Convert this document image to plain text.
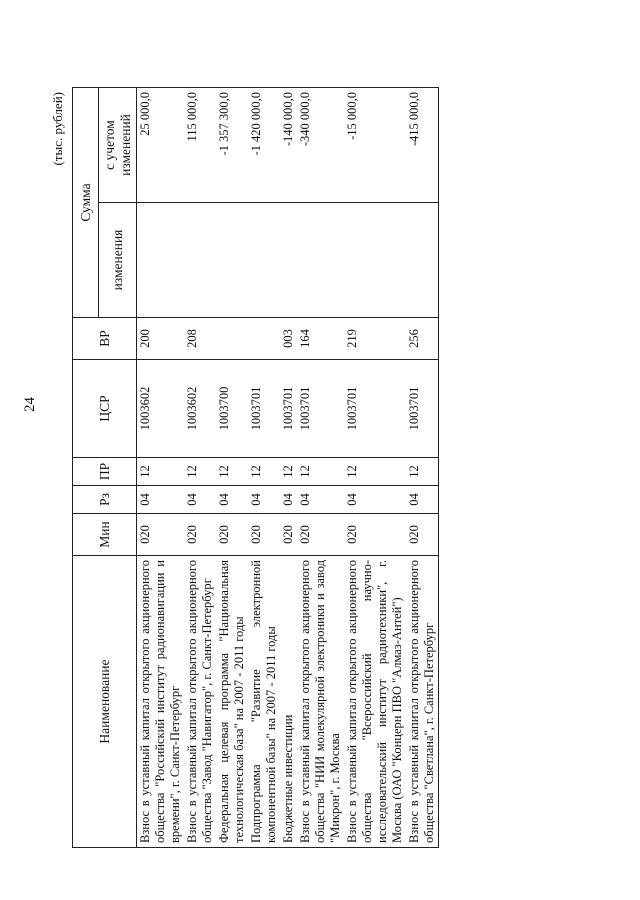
24
(тыс. рублей)
Наименование	Мин	Рз	ПР	ЦСР	ВР	Сумма	
						изменения	с учетом изменений
Взнос в уставный капитал открытого акционерного общества "Российский институт радионавигации и времени", г. Санкт-Петербург	020	04	12	1003602	200		25 000,0
Взнос в уставный капитал открытого акционерного общества "Завод "Навигатор", г. Санкт-Петербург	020	04	12	1003602	208		115 000,0
Федеральная целевая программа "Национальная технологическая база" на 2007 - 2011 годы	020	04	12	1003700			-1 357 300,0
Подпрограмма "Развитие электронной компонентной базы" на 2007 - 2011 годы	020	04	12	1003701			-1 420 000,0
Бюджетные инвестиции	020	04	12	1003701	003		-140 000,0
Взнос в уставный капитал открытого акционерного общества "НИИ молекулярной электроники и завод "Микрон", г. Москва	020	04	12	1003701	164		-340 000,0
Взнос в уставный капитал открытого акционерного общества "Всероссийский научно-исследовательский институт радиотехники", г. Москва (ОАО "Концерн ПВО "Алмаз-Антей")	020	04	12	1003701	219		-15 000,0
Взнос в уставный капитал открытого акционерного общества "Светлана", г. Санкт-Петербург	020	04	12	1003701	256		-415 000,0
